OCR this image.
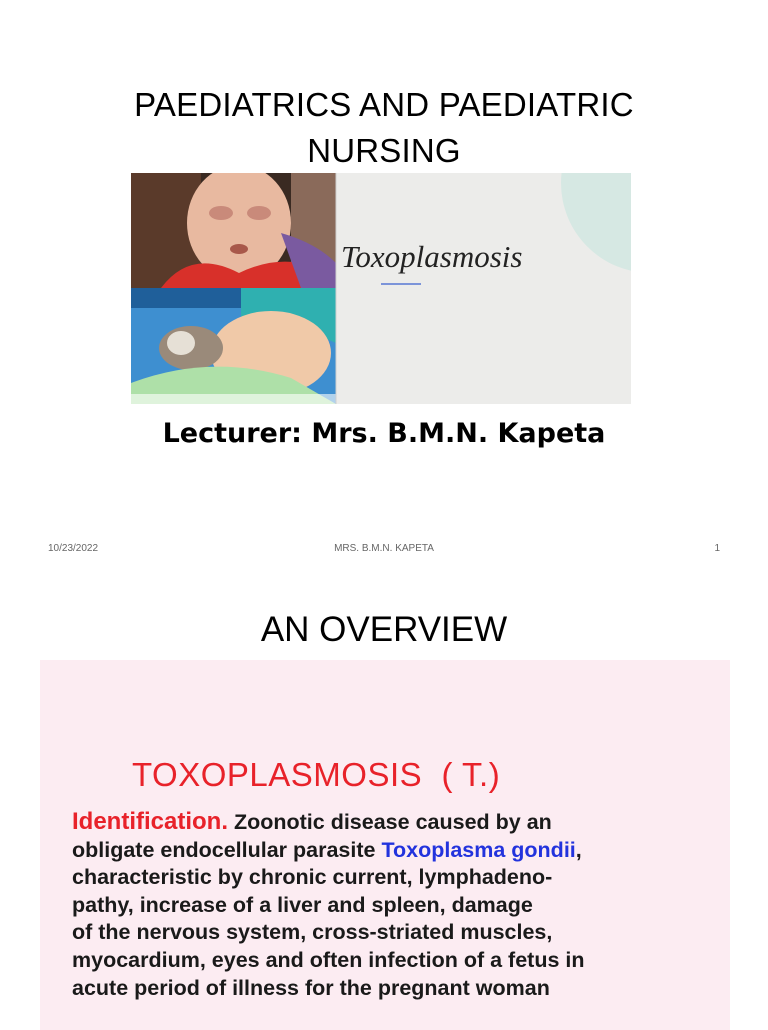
PAEDIATRICS AND PAEDIATRIC
NURSING
Toxoplasmosis
Lecturer: Mrs. B.M.N. Kapeta
10/23/2022	MRS. B.M.N. KAPETA	1
AN OVERVIEW
TOXOPLASMOSIS  ( T.)
Identification. Zoonotic disease caused by an
obligate endocellular parasite Toxoplasma gondii,
characteristic by chronic current, lymphadeno-
pathy, increase of a liver and spleen, damage
of the nervous system, cross-striated muscles,
myocardium, eyes and often infection of a fetus in
acute period of illness for the pregnant woman
